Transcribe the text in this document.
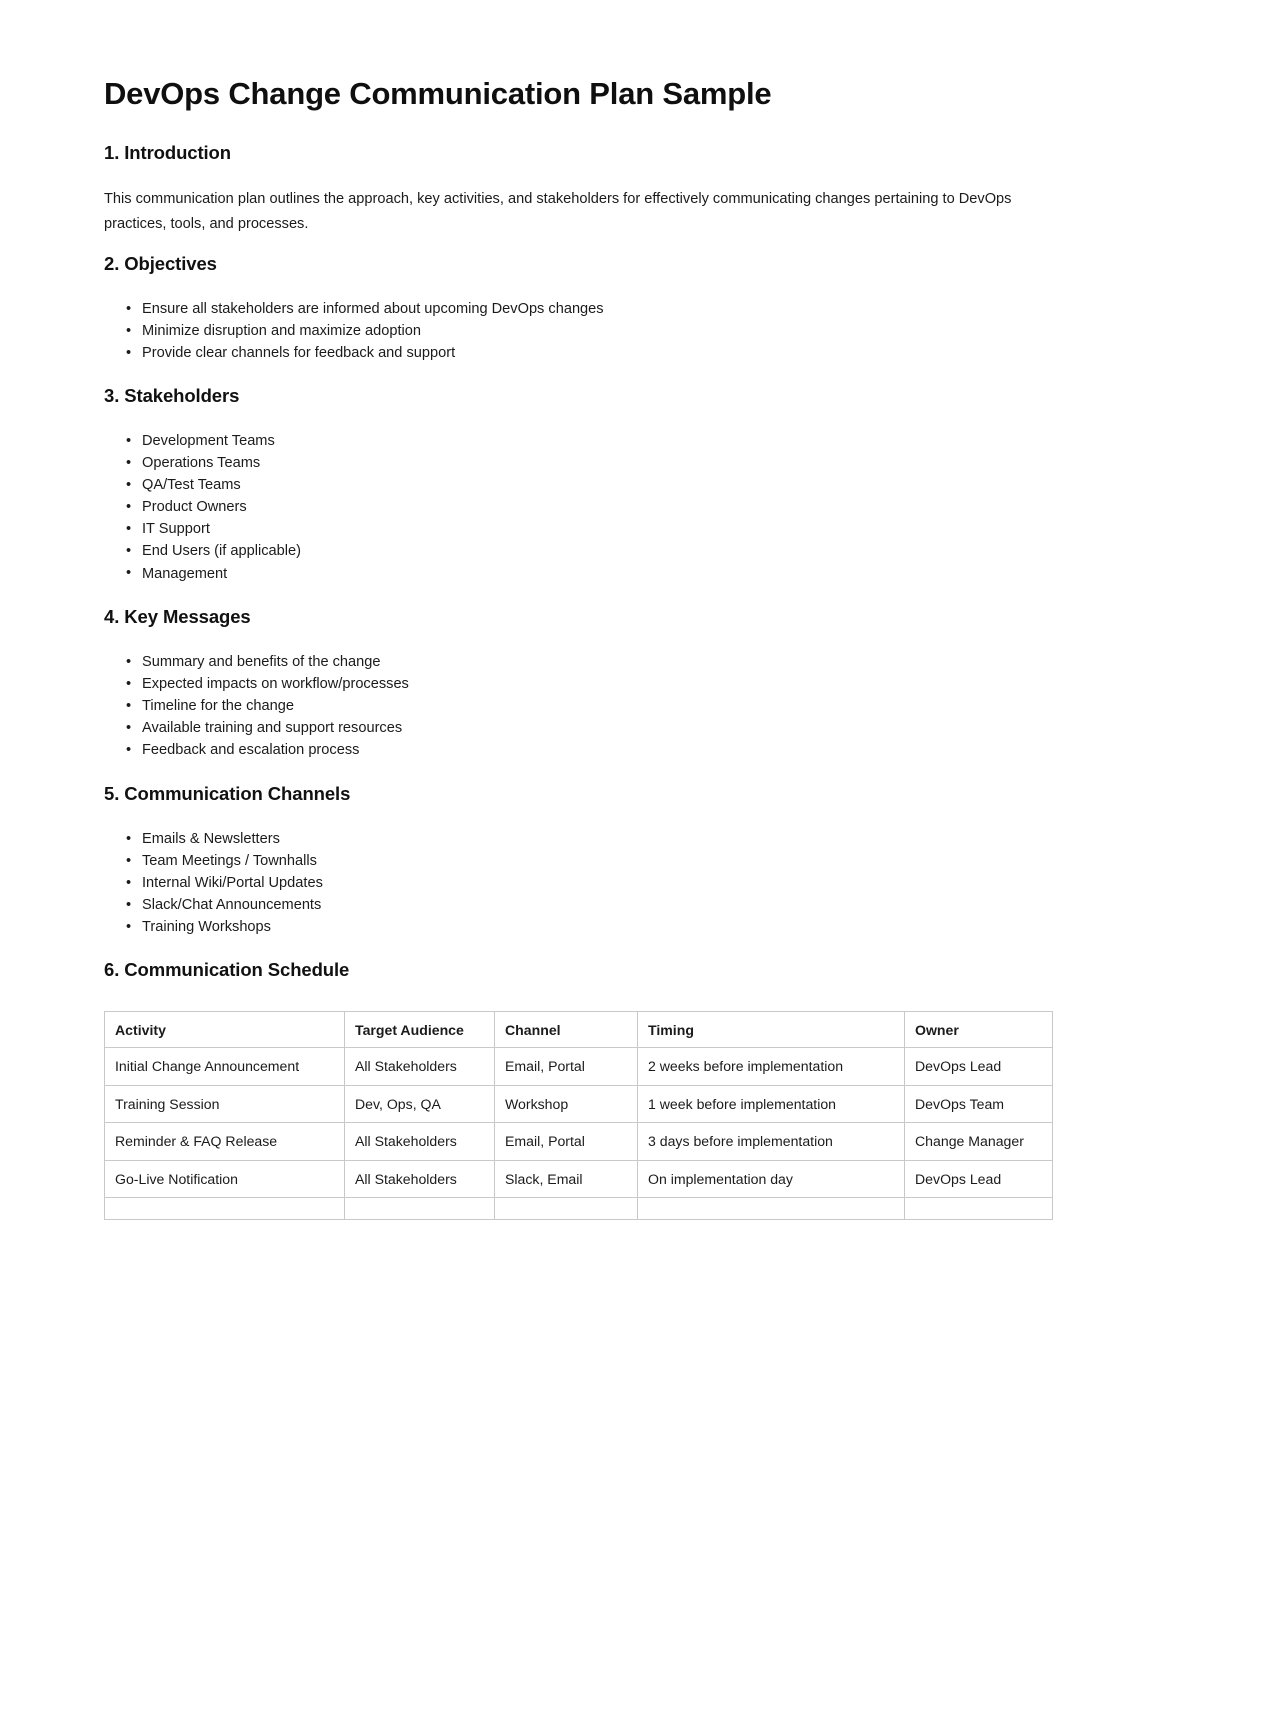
DevOps Change Communication Plan Sample
1. Introduction

This communication plan outlines the approach, key activities, and stakeholders for effectively communicating changes pertaining to DevOps practices, tools, and processes.

2. Objectives
• Ensure all stakeholders are informed about upcoming DevOps changes
• Minimize disruption and maximize adoption
• Provide clear channels for feedback and support
3. Stakeholders
• Development Teams
• Operations Teams
• QA/Test Teams
• Product Owners
• IT Support
• End Users (if applicable)
• Management
4. Key Messages
• Summary and benefits of the change
• Expected impacts on workflow/processes
• Timeline for the change
• Available training and support resources
• Feedback and escalation process
5. Communication Channels
• Emails & Newsletters
• Team Meetings / Townhalls
• Internal Wiki/Portal Updates
• Slack/Chat Announcements
• Training Workshops
6. Communication Schedule
Activity	Target Audience	Channel	Timing	Owner
Initial Change Announcement	All Stakeholders	Email, Portal	2 weeks before implementation	DevOps Lead
Training Session	Dev, Ops, QA	Workshop	1 week before implementation	DevOps Team
Reminder & FAQ Release	All Stakeholders	Email, Portal	3 days before implementation	Change Manager
Go-Live Notification	All Stakeholders	Slack, Email	On implementation day	DevOps Lead
